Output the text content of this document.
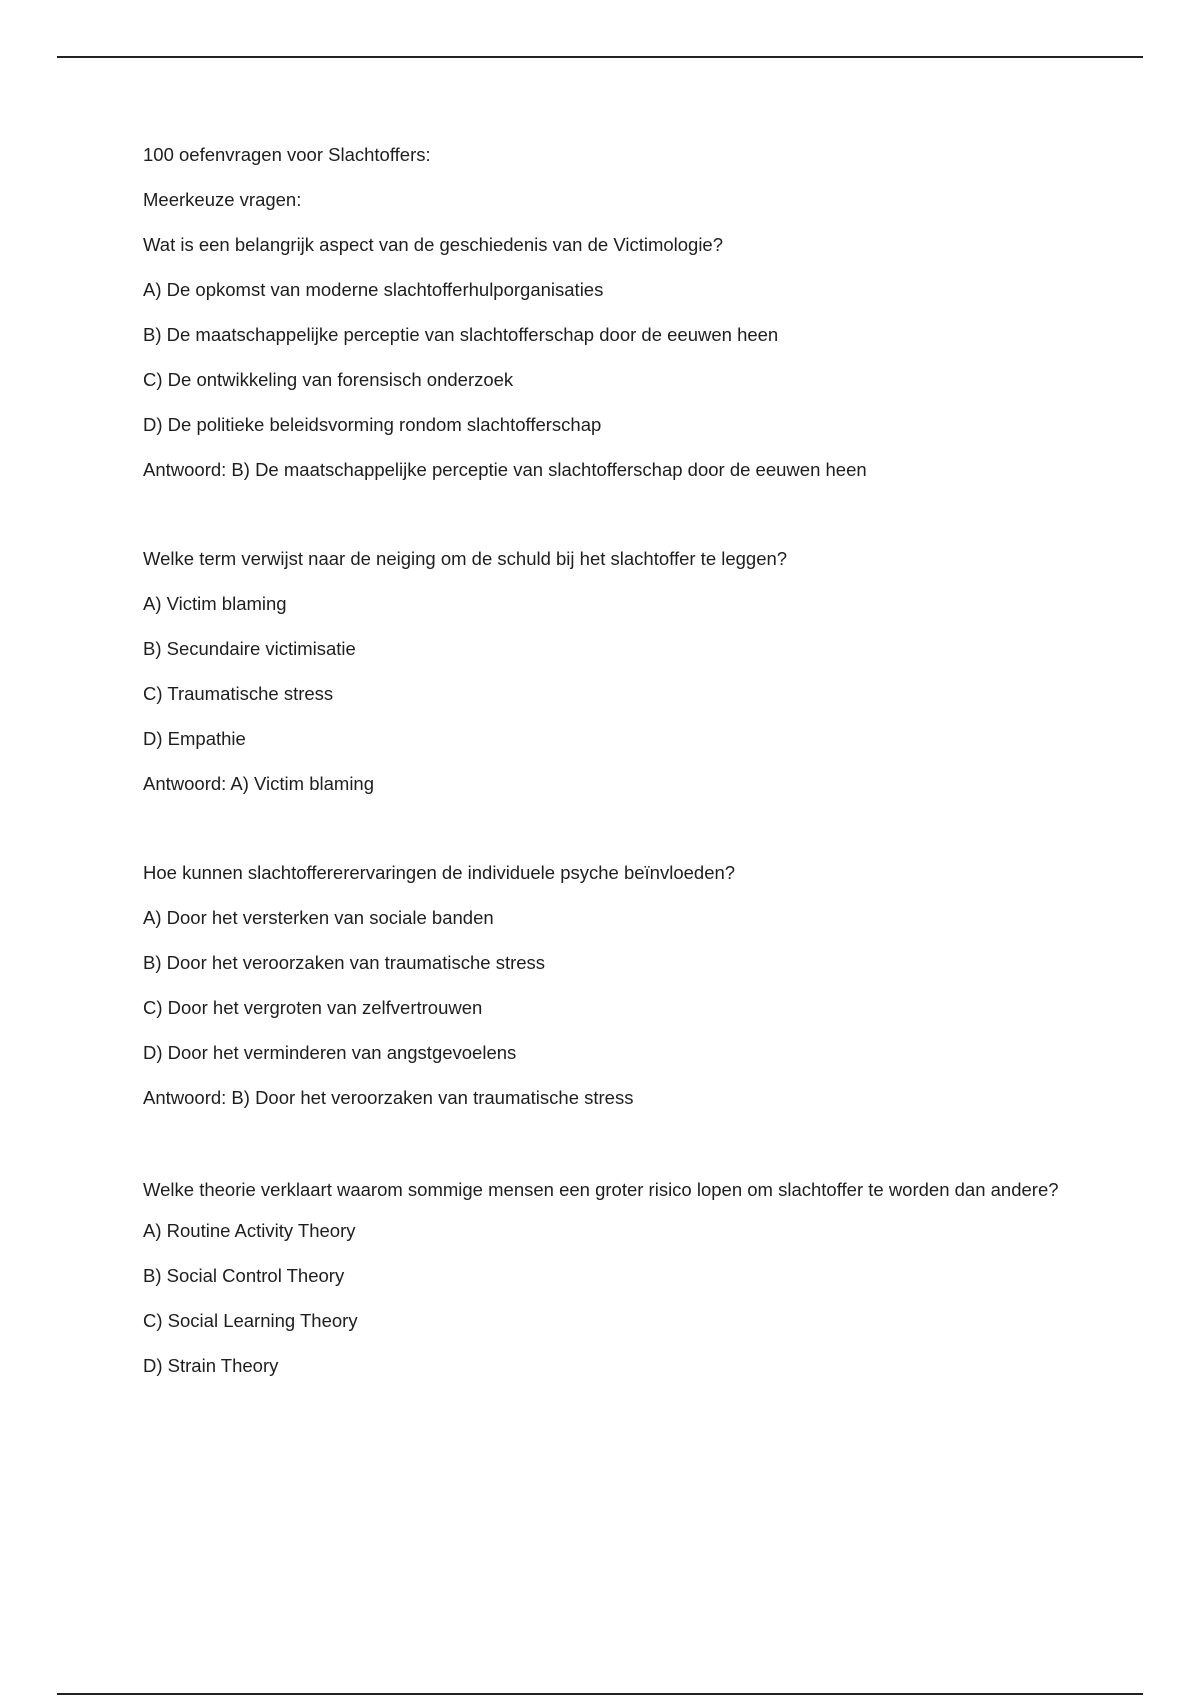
100 oefenvragen voor Slachtoffers:

Meerkeuze vragen:

Wat is een belangrijk aspect van de geschiedenis van de Victimologie?

A) De opkomst van moderne slachtofferhulporganisaties

B) De maatschappelijke perceptie van slachtofferschap door de eeuwen heen

C) De ontwikkeling van forensisch onderzoek

D) De politieke beleidsvorming rondom slachtofferschap

Antwoord: B) De maatschappelijke perceptie van slachtofferschap door de eeuwen heen

Welke term verwijst naar de neiging om de schuld bij het slachtoffer te leggen?

A) Victim blaming

B) Secundaire victimisatie

C) Traumatische stress

D) Empathie

Antwoord: A) Victim blaming

Hoe kunnen slachtoffererervaringen de individuele psyche beïnvloeden?

A) Door het versterken van sociale banden

B) Door het veroorzaken van traumatische stress

C) Door het vergroten van zelfvertrouwen

D) Door het verminderen van angstgevoelens

Antwoord: B) Door het veroorzaken van traumatische stress

Welke theorie verklaart waarom sommige mensen een groter risico lopen om slachtoffer te worden dan andere?

A) Routine Activity Theory

B) Social Control Theory

C) Social Learning Theory

D) Strain Theory
